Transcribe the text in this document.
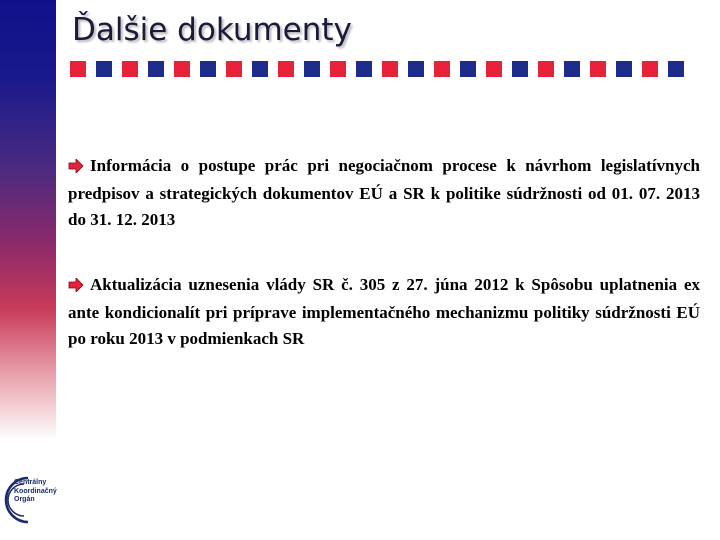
Ďalšie dokumenty
Informácia o postupe prác pri negociačnom procese k návrhom legislatívnych predpisov a strategických dokumentov EÚ a SR k politike súdržnosti od 01. 07. 2013 do 31. 12. 2013
Aktualizácia uznesenia vlády SR č. 305 z 27. júna 2012 k Spôsobu uplatnenia ex ante kondicionalít pri príprave implementačného mechanizmu politiky súdržnosti EÚ po roku 2013 v podmienkach SR
Centrálny
Koordinačný
Orgán
